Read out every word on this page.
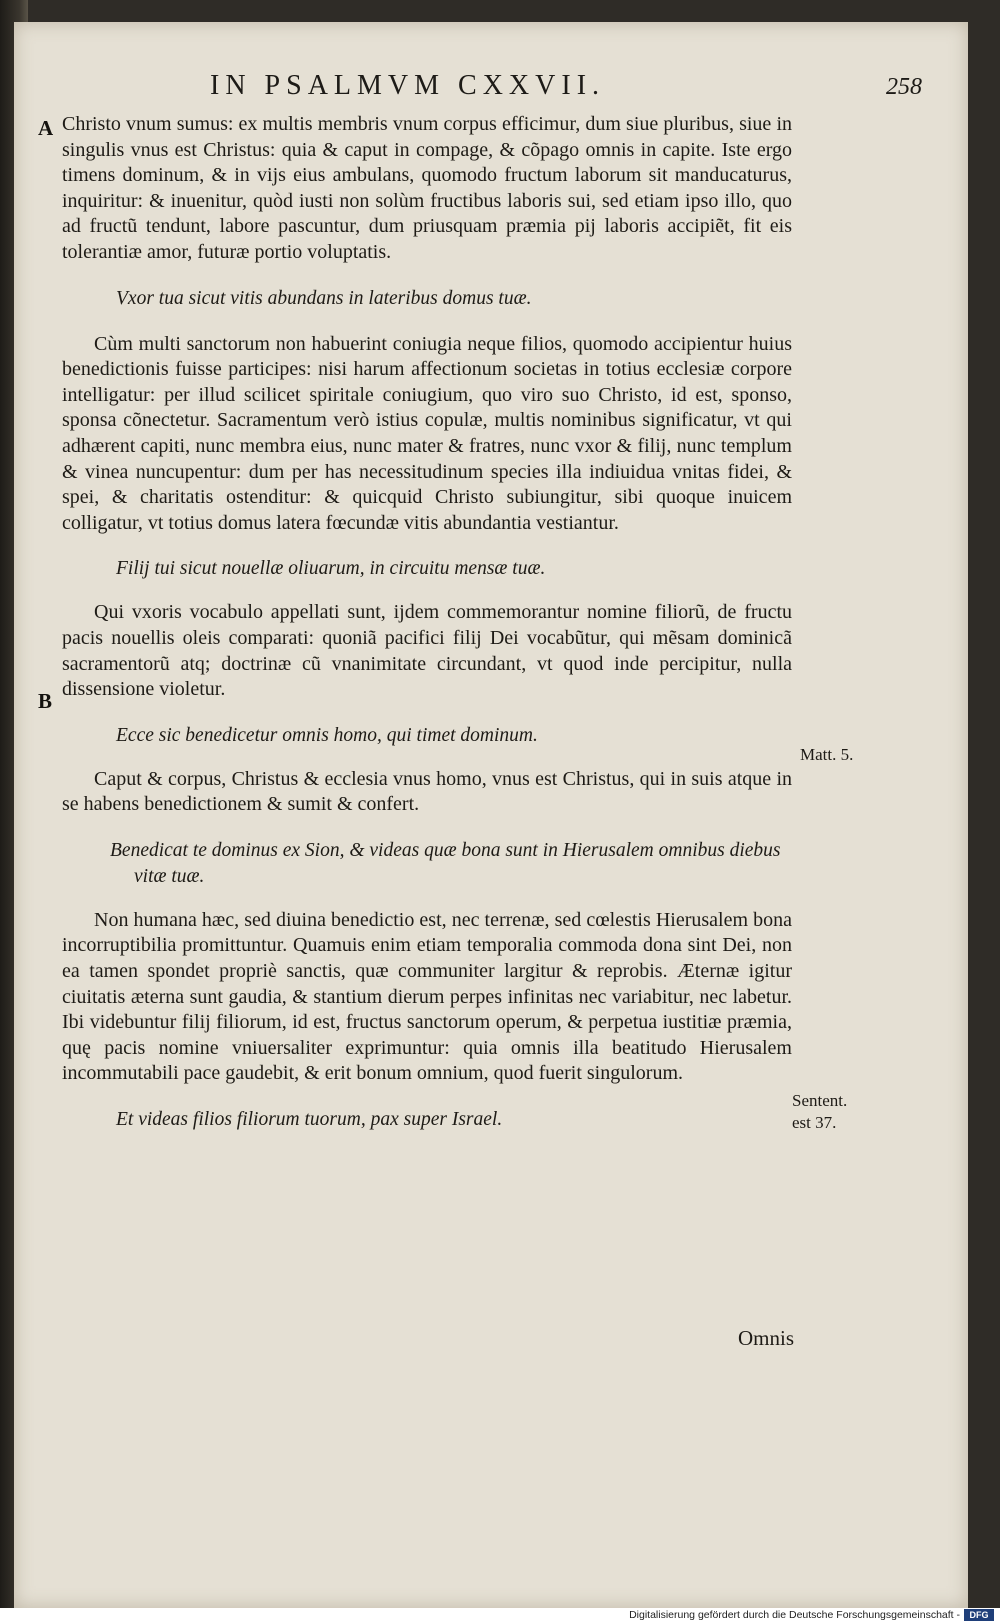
IN PSALMVM CXXVII.	258
A
B

Christo vnum sumus: ex multis membris vnum corpus efficimur, dum siue pluribus, siue in singulis vnus est Christus: quia & caput in compage, & cõpago omnis in capite. Iste ergo timens dominum, & in vijs eius ambulans, quomodo fructum laborum sit manducaturus, inquiritur: & inuenitur, quòd iusti non solùm fructibus laboris sui, sed etiam ipso illo, quo ad fructũ tendunt, labore pascuntur, dum priusquam præmia pij laboris accipiẽt, fit eis tolerantiæ amor, futuræ portio voluptatis.

Vxor tua sicut vitis abundans in lateribus domus tuæ.

Cùm multi sanctorum non habuerint coniugia neque filios, quomodo accipientur huius benedictionis fuisse participes: nisi harum affectionum societas in totius ecclesiæ corpore intelligatur: per illud scilicet spiritale coniugium, quo viro suo Christo, id est, sponso, sponsa cõnectetur. Sacramentum verò istius copulæ, multis nominibus significatur, vt qui adhærent capiti, nunc membra eius, nunc mater & fratres, nunc vxor & filij, nunc templum & vinea nuncupentur: dum per has necessitudinum species illa indiuidua vnitas fidei, & spei, & charitatis ostenditur: & quicquid Christo subiungitur, sibi quoque inuicem colligatur, vt totius domus latera fœcundæ vitis abundantia vestiantur.

Filij tui sicut nouellæ oliuarum, in circuitu mensæ tuæ.

Qui vxoris vocabulo appellati sunt, ijdem commemorantur nomine filiorũ, de fructu pacis nouellis oleis comparati: quoniã pacifici filij Dei vocabũtur, qui mẽsam dominicã sacramentorũ atq; doctrinæ cũ vnanimitate circundant, vt quod inde percipitur, nulla dissensione violetur.

Ecce sic benedicetur omnis homo, qui timet dominum.

Caput & corpus, Christus & ecclesia vnus homo, vnus est Christus, qui in suis atque in se habens benedictionem & sumit & confert.

Benedicat te dominus ex Sion, & videas quæ bona sunt in Hierusalem omnibus diebus vitæ tuæ.

Non humana hæc, sed diuina benedictio est, nec terrenæ, sed cœlestis Hierusalem bona incorruptibilia promittuntur. Quamuis enim etiam temporalia commoda dona sint Dei, non ea tamen spondet propriè sanctis, quæ communiter largitur & reprobis. Æternæ igitur ciuitatis æterna sunt gaudia, & stantium dierum perpes infinitas nec variabitur, nec labetur. Ibi videbuntur filij filiorum, id est, fructus sanctorum operum, & perpetua iustitiæ præmia, quę pacis nomine vniuersaliter exprimuntur: quia omnis illa beatitudo Hierusalem incommutabili pace gaudebit, & erit bonum omnium, quod fuerit singulorum.

Et videas filios filiorum tuorum, pax super Israel.

Matt. 5.
Sentent.
est 37.
Omnis
Digitalisierung gefördert durch die Deutsche Forschungsgemeinschaft -	DFG
